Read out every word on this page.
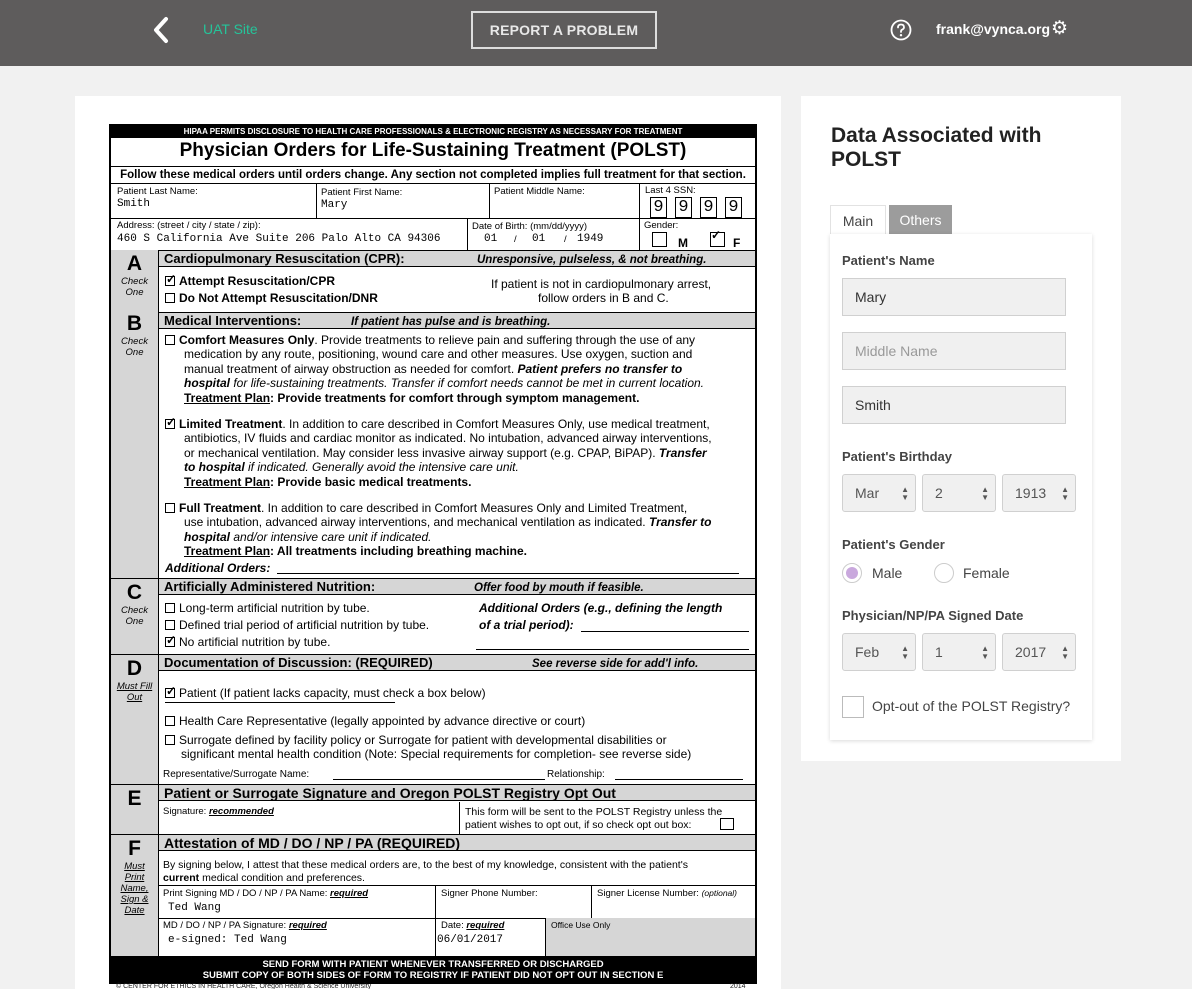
UAT Site	REPORT A PROBLEM	frank@vynca.org ⚙
HIPAA PERMITS DISCLOSURE TO HEALTH CARE PROFESSIONALS & ELECTRONIC REGISTRY AS NECESSARY FOR TREATMENT
Physician Orders for Life-Sustaining Treatment (POLST)
Follow these medical orders until orders change. Any section not completed implies full treatment for that section.
Patient Last Name:
Smith
Patient First Name:
Mary
Patient Middle Name:	Last 4 SSN:
9 9 9 9
Address: (street / city / state / zip):
460 S California Ave Suite 206 Palo Alto CA 94306
Date of Birth: (mm/dd/yyyy)
01 / 01 / 1949
Gender:
M
✓	F
A
Check One
Cardiopulmonary Resuscitation (CPR):	Unresponsive, pulseless, & not breathing.
✓Attempt Resuscitation/CPR
Do Not Attempt Resuscitation/DNR
If patient is not in cardiopulmonary arrest,
follow orders in B and C.
B
Check One
Medical Interventions:	If patient has pulse and is breathing.
Comfort Measures Only. Provide treatments to relieve pain and suffering through the use of any
medication by any route, positioning, wound care and other measures. Use oxygen, suction and
manual treatment of airway obstruction as needed for comfort. Patient prefers no transfer to
hospital for life-sustaining treatments. Transfer if comfort needs cannot be met in current location.
Treatment Plan: Provide treatments for comfort through symptom management.
✓Limited Treatment. In addition to care described in Comfort Measures Only, use medical treatment,
antibiotics, IV fluids and cardiac monitor as indicated. No intubation, advanced airway interventions,
or mechanical ventilation. May consider less invasive airway support (e.g. CPAP, BiPAP). Transfer
to hospital if indicated. Generally avoid the intensive care unit.
Treatment Plan: Provide basic medical treatments.
Full Treatment. In addition to care described in Comfort Measures Only and Limited Treatment,
use intubation, advanced airway interventions, and mechanical ventilation as indicated. Transfer to
hospital and/or intensive care unit if indicated.
Treatment Plan: All treatments including breathing machine.
Additional Orders:
C
Check One
Artificially Administered Nutrition:	Offer food by mouth if feasible.
Long-term artificial nutrition by tube.
Defined trial period of artificial nutrition by tube.
✓No artificial nutrition by tube.
Additional Orders (e.g., defining the length
of a trial period):
D
Must Fill Out
Documentation of Discussion: (REQUIRED)	See reverse side for add'l info.
✓Patient (If patient lacks capacity, must check a box below)
Health Care Representative (legally appointed by advance directive or court)
Surrogate defined by facility policy or Surrogate for patient with developmental disabilities or
significant mental health condition (Note: Special requirements for completion- see reverse side)
Representative/Surrogate Name:	Relationship:
E	Patient or Surrogate Signature and Oregon POLST Registry Opt Out
Signature: recommended	This form will be sent to the POLST Registry unless the
patient wishes to opt out, if so check opt out box:
F
Must Print Name, Sign & Date
Attestation of MD / DO / NP / PA (REQUIRED)
By signing below, I attest that these medical orders are, to the best of my knowledge, consistent with the patient's
current medical condition and preferences.
Print Signing MD / DO / NP / PA Name: required
Ted Wang
Signer Phone Number:	Signer License Number: (optional)
MD / DO / NP / PA Signature: required
e-signed: Ted Wang
Date: required
06/01/2017
Office Use Only
SEND FORM WITH PATIENT WHENEVER TRANSFERRED OR DISCHARGED
SUBMIT COPY OF BOTH SIDES OF FORM TO REGISTRY IF PATIENT DID NOT OPT OUT IN SECTION E
© CENTER FOR ETHICS IN HEALTH CARE, Oregon Health & Science University	2014
Data Associated with POLST
Main	Others
Patient's Name
Mary
Middle Name
Smith
Patient's Birthday
Mar	▲
▼ 2	▲
▼ 1913 ▲
▼
Patient's Gender
Male	Female
Physician/NP/PA Signed Date
Feb	▲
▼ 1	▲
▼ 2017 ▲
▼
Opt-out of the POLST Registry?
